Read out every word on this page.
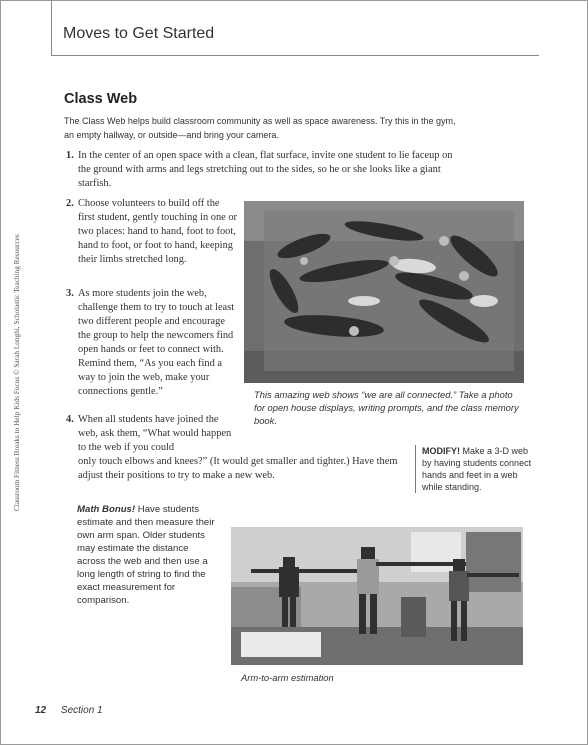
Moves to Get Started
Classroom Fitness Breaks to Help Kids Focus © Sarah Longhi, Scholastic Teaching Resources
Class Web
The Class Web helps build classroom community as well as space awareness. Try this in the gym, an empty hallway, or outside—and bring your camera.
1. In the center of an open space with a clean, flat surface, invite one student to lie faceup on the ground with arms and legs stretching out to the sides, so he or she looks like a giant starfish.
2. Choose volunteers to build off the first student, gently touching in one or two places: hand to hand, foot to foot, hand to foot, or foot to hand, keeping their limbs stretched long.
3. As more students join the web, challenge them to try to touch at least two different people and encourage the group to help the newcomers find open hands or feet to connect with. Remind them, “As you each find a way to join the web, make your connections gentle.”
4. When all students have joined the web, ask them, “What would happen to the web if you could
only touch elbows and knees?” (It would get smaller and tighter.) Have them adjust their positions to try to make a new web.
This amazing web shows “we are all connected.” Take a photo for open house displays, writing prompts, and the class memory book.
MODIFY! Make a 3-D web by having students connect hands and feet in a web while standing.
Math Bonus! Have students estimate and then measure their own arm span. Older students may estimate the distance across the web and then use a long length of string to find the exact measurement for comparison.
Arm-to-arm estimation
12 Section 1
